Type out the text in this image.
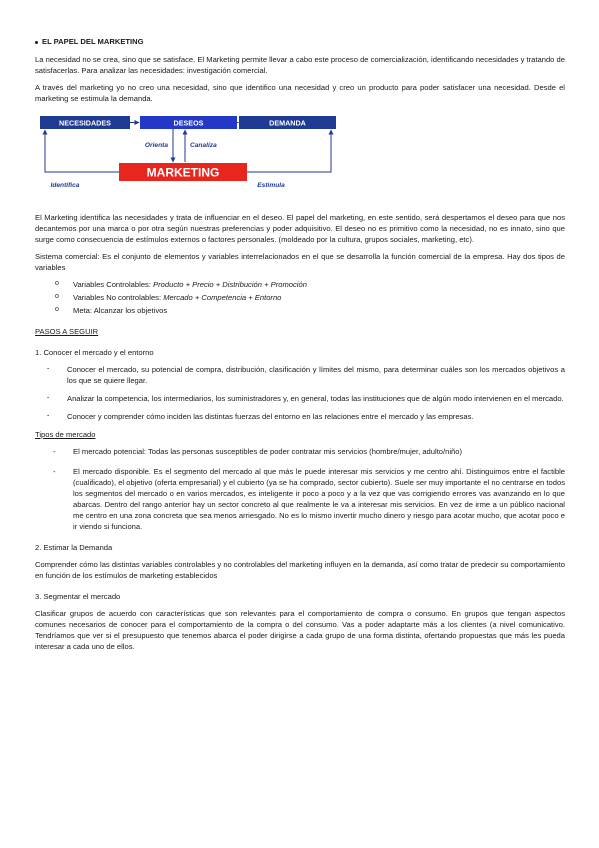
EL PAPEL DEL MARKETING

La necesidad no se crea, sino que se satisface. El Marketing permite llevar a cabo este proceso de comercialización, identificando necesidades y tratando de satisfacerlas. Para analizar las necesidades: investigación comercial.

A través del marketing yo no creo una necesidad, sino que identifico una necesidad y creo un producto para poder satisfacer una necesidad. Desde el marketing se estimula la demanda.

NECESIDADES	DESEOS	DEMANDA
MARKETING
Orienta	Canaliza
Identifica	Estimula

El Marketing identifica las necesidades y trata de influenciar en el deseo. El papel del marketing, en este sentido, será despertamos el deseo para que nos decantemos por una marca o por otra según nuestras preferencias y poder adquisitivo. El deseo no es primitivo como la necesidad, no es innato, sino que surge como consecuencia de estímulos externos o factores personales. (moldeado por la cultura, grupos sociales, marketing, etc).

Sistema comercial: Es el conjunto de elementos y variables interrelacionados en el que se desarrolla la función comercial de la empresa. Hay dos tipos de variables

o Variables Controlables: Producto + Precio + Distribución + Promoción
o Variables No controlables: Mercado + Competencia + Entorno
o Meta: Alcanzar los objetivos

PASOS A SEGUIR

1. Conocer el mercado y el entorno

· Conocer el mercado, su potencial de compra, distribución, clasificación y límites del mismo, para determinar cuáles son los mercados objetivos a los que se quiere llegar.
· Analizar la competencia, los intermediarios, los suministradores y, en general, todas las instituciones que de algún modo intervienen en el mercado.
· Conocer y comprender cómo inciden las distintas fuerzas del entorno en las relaciones entre el mercado y las empresas.

Tipos de mercado

- El mercado potencial: Todas las personas susceptibles de poder contratar mis servicios (hombre/mujer, adulto/niño)
- El mercado disponible. Es el segmento del mercado al que más le puede interesar mis servicios y me centro ahí. Distinguimos entre el factible (cualificado), el objetivo (oferta empresarial) y el cubierto (ya se ha comprado, sector cubierto). Suele ser muy importante el no centrarse en todos los segmentos del mercado o en varios mercados, es inteligente ir poco a poco y a la vez que vas corrigiendo errores vas avanzando en lo que abarcas. Dentro del rango anterior hay un sector concreto al que realmente le va a interesar mis servicios. En vez de irme a un público nacional me centro en una zona concreta que sea menos arriesgado. No es lo mismo invertir mucho dinero y riesgo para acotar mucho, que acotar poco e ir viendo si funciona.

2. Estimar la Demanda

Comprender cómo las distintas variables controlables y no controlables del marketing influyen en la demanda, así como tratar de predecir su comportamiento en función de los estímulos de marketing establecidos

3. Segmentar el mercado

Clasificar grupos de acuerdo con características que son relevantes para el comportamiento de compra o consumo. En grupos que tengan aspectos comunes necesarios de conocer para el comportamiento de la compra o del consumo. Vas a poder adaptarte más a los clientes (a nivel comunicativo. Tendríamos que ver si el presupuesto que tenemos abarca el poder dirigirse a cada grupo de una forma distinta, ofertando propuestas que más les pueda interesar a cada uno de ellos.
